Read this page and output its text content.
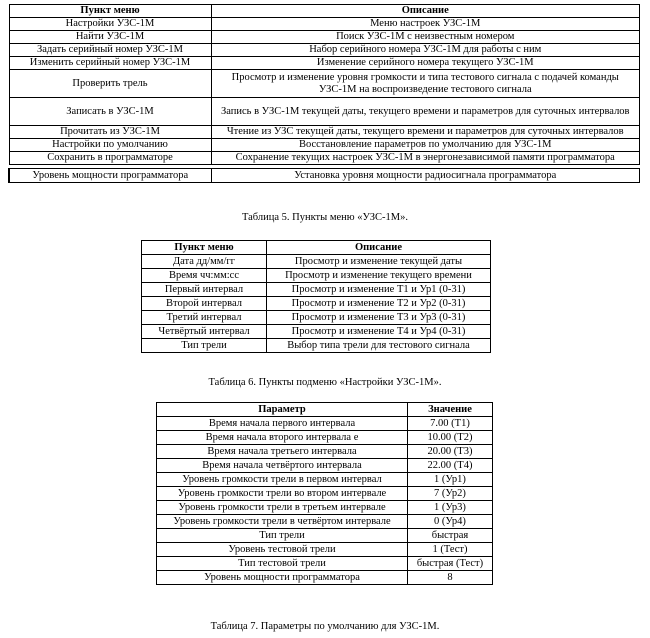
Пункт меню	Описание
Настройки УЗС-1М	Меню настроек УЗС-1М
Найти УЗС-1М	Поиск УЗС-1М с неизвестным номером
Задать серийный номер УЗС-1М	Набор серийного номера УЗС-1М для работы с ним
Изменить серийный номер УЗС-1М	Изменение серийного номера текущего УЗС-1М
Проверить трель	Просмотр и изменение уровня громкости и типа тестового сигнала с подачей команды УЗС-1М на воспроизведение тестового сигнала
Записать в УЗС-1М	Запись в УЗС-1М текущей даты, текущего времени и параметров для суточных интервалов
Прочитать из УЗС-1М	Чтение из УЗС текущей даты, текущего времени и параметров для суточных интервалов
Настройки по умолчанию	Восстановление параметров по умолчанию для УЗС-1М
Сохранить в программаторе	Сохранение текущих настроек УЗС-1М в энергонезависимой памяти программатора

Уровень мощности программатора	Установка уровня мощности радиосигнала программатора
Таблица 5. Пункты меню «УЗС-1М».
Пункт меню	Описание
Дата дд/мм/гг	Просмотр и изменение текущей даты
Время чч:мм:сс	Просмотр и изменение текущего времени
Первый интервал	Просмотр и изменение Т1 и Ур1 (0-31)
Второй интервал	Просмотр и изменение Т2 и Ур2 (0-31)
Третий интервал	Просмотр и изменение Т3 и Ур3 (0-31)
Четвёртый интервал	Просмотр и изменение Т4 и Ур4 (0-31)
Тип трели	Выбор типа трели для тестового сигнала
Таблица 6. Пункты подменю «Настройки УЗС-1М».
Параметр	Значение
Время начала первого интервала	7.00 (Т1)
Время начала второго интервала е	10.00 (Т2)
Время начала третьего интервала	20.00 (Т3)
Время начала четвёртого интервала	22.00 (Т4)
Уровень громкости трели в первом интервал	1 (Ур1)
Уровень громкости трели во втором интервале	7 (Ур2)
Уровень громкости трели в третьем интервале	1 (Ур3)
Уровень громкости трели в четвёртом интервале	0 (Ур4)
Тип трели	быстрая
Уровень тестовой трели	1 (Тест)
Тип тестовой трели	быстрая (Тест)
Уровень мощности программатора	8
Таблица 7. Параметры по умолчанию для УЗС-1М.
